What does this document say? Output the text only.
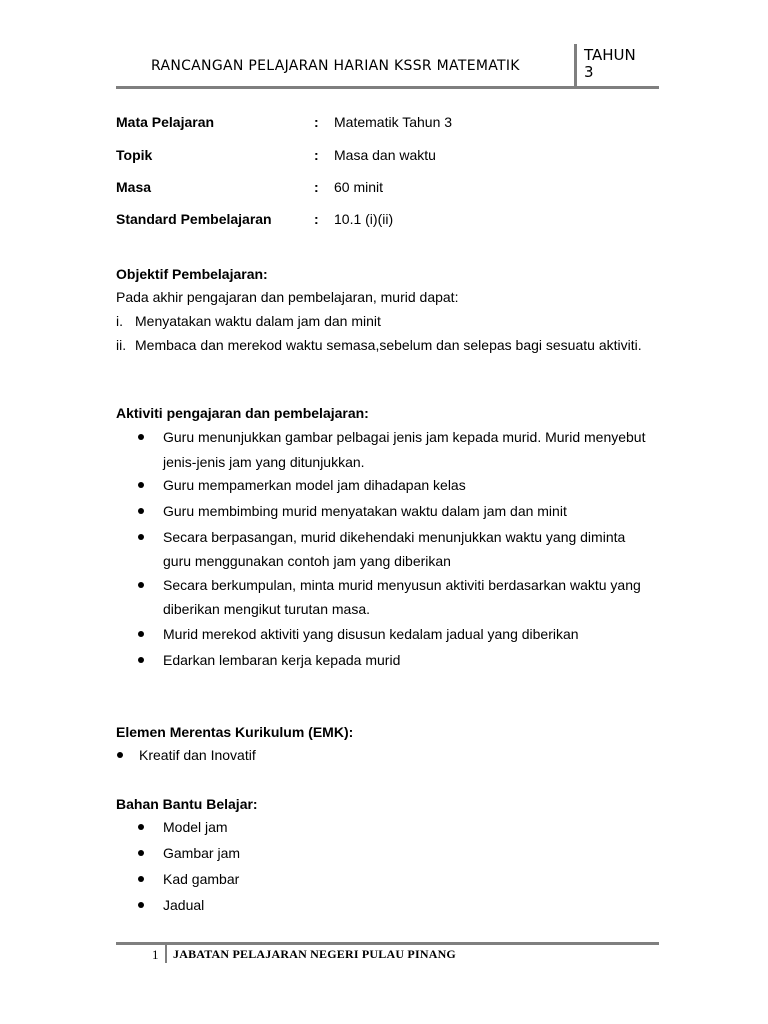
RANCANGAN PELAJARAN HARIAN KSSR MATEMATIK
TAHUN
3
Mata Pelajaran	: Matematik Tahun 3
Topik	: Masa dan waktu
Masa	: 60 minit
Standard Pembelajaran	: 10.1 (i)(ii)
Objektif Pembelajaran:
Pada akhir pengajaran dan pembelajaran, murid dapat:
i. Menyatakan waktu dalam jam dan minit
ii. Membaca dan merekod waktu semasa,sebelum dan selepas bagi sesuatu aktiviti.
Aktiviti pengajaran dan pembelajaran:
Guru menunjukkan gambar pelbagai jenis jam kepada murid. Murid menyebut
jenis-jenis jam yang ditunjukkan.
Guru mempamerkan model jam dihadapan kelas
Guru membimbing murid menyatakan waktu dalam jam dan minit
Secara berpasangan, murid dikehendaki menunjukkan waktu yang diminta
guru menggunakan contoh jam yang diberikan
Secara berkumpulan, minta murid menyusun aktiviti berdasarkan waktu yang
diberikan mengikut turutan masa.
Murid merekod aktiviti yang disusun kedalam jadual yang diberikan
Edarkan lembaran kerja kepada murid
Elemen Merentas Kurikulum (EMK):
Kreatif dan Inovatif
Bahan Bantu Belajar:
Model jam
Gambar jam
Kad gambar
Jadual
1 JABATAN PELAJARAN NEGERI PULAU PINANG
